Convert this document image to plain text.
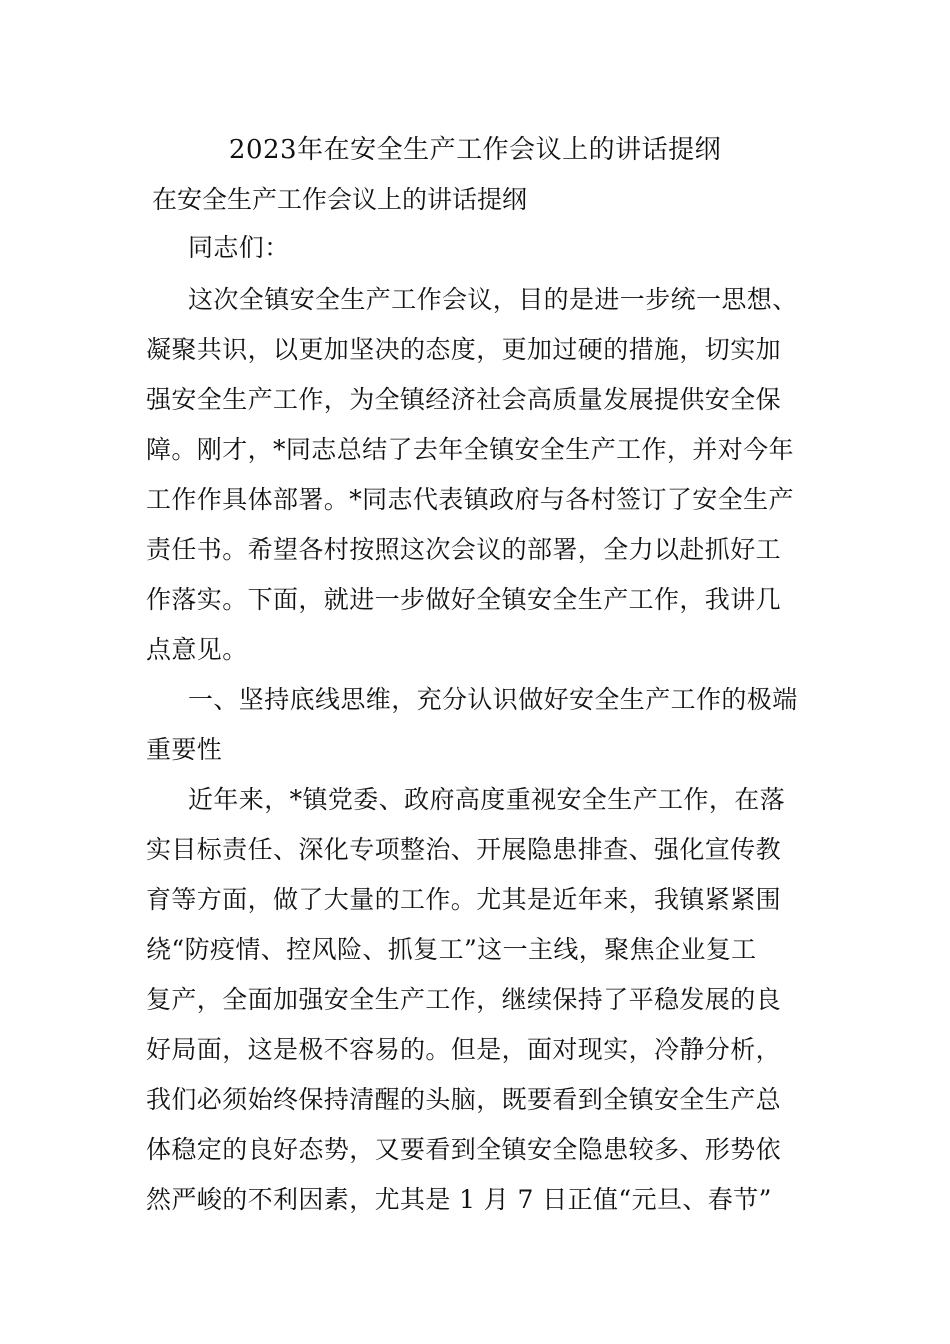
2023年在安全生产工作会议上的讲话提纲
在安全生产工作会议上的讲话提纲
同志们：
这次全镇安全生产工作会议，目的是进一步统一思想、
凝聚共识，以更加坚决的态度，更加过硬的措施，切实加
强安全生产工作，为全镇经济社会高质量发展提供安全保
障。刚才，*同志总结了去年全镇安全生产工作，并对今年
工作作具体部署。*同志代表镇政府与各村签订了安全生产
责任书。希望各村按照这次会议的部署，全力以赴抓好工
作落实。下面，就进一步做好全镇安全生产工作，我讲几
点意见。
一、坚持底线思维，充分认识做好安全生产工作的极端
重要性
近年来，*镇党委、政府高度重视安全生产工作，在落
实目标责任、深化专项整治、开展隐患排查、强化宣传教
育等方面，做了大量的工作。尤其是近年来，我镇紧紧围
绕“防疫情、控风险、抓复工”这一主线，聚焦企业复工
复产，全面加强安全生产工作，继续保持了平稳发展的良
好局面，这是极不容易的。但是，面对现实，冷静分析，
我们必须始终保持清醒的头脑，既要看到全镇安全生产总
体稳定的良好态势，又要看到全镇安全隐患较多、形势依
然严峻的不利因素，尤其是 1 月 7 日正值“元旦、春节”
